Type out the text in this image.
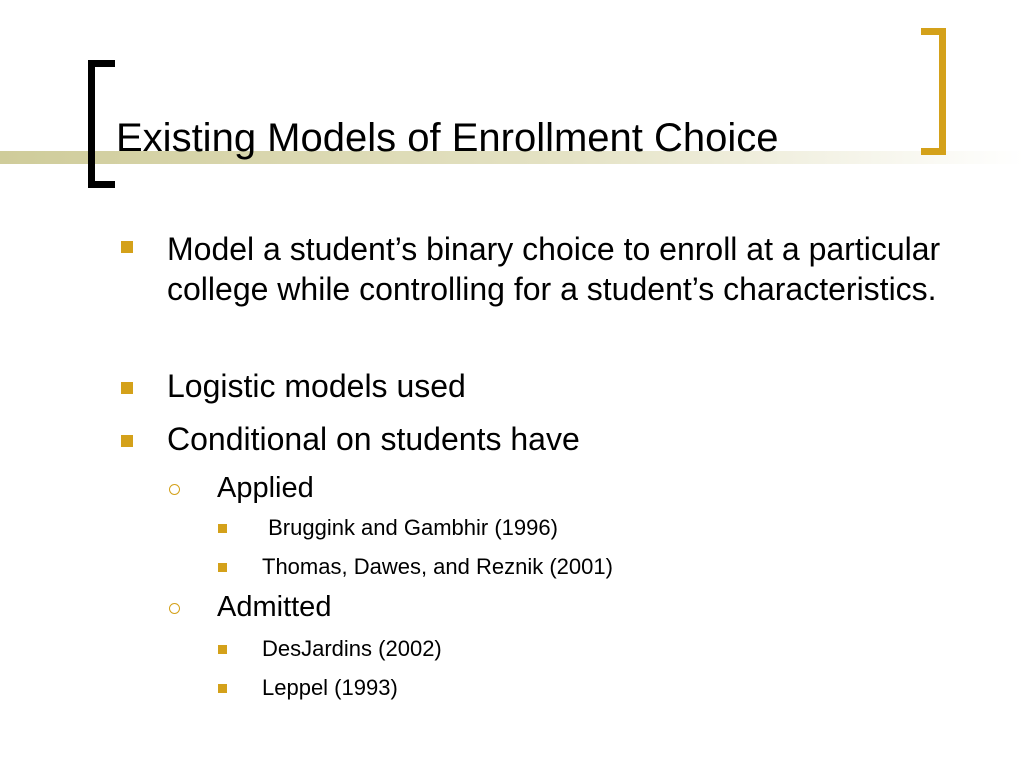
Existing Models of Enrollment Choice
Model a student’s binary choice to enroll at a particular college while controlling for a student’s characteristics.
Logistic models used
Conditional on students have
Applied
Bruggink and Gambhir (1996)
Thomas, Dawes, and Reznik (2001)
Admitted
DesJardins (2002)
Leppel (1993)
